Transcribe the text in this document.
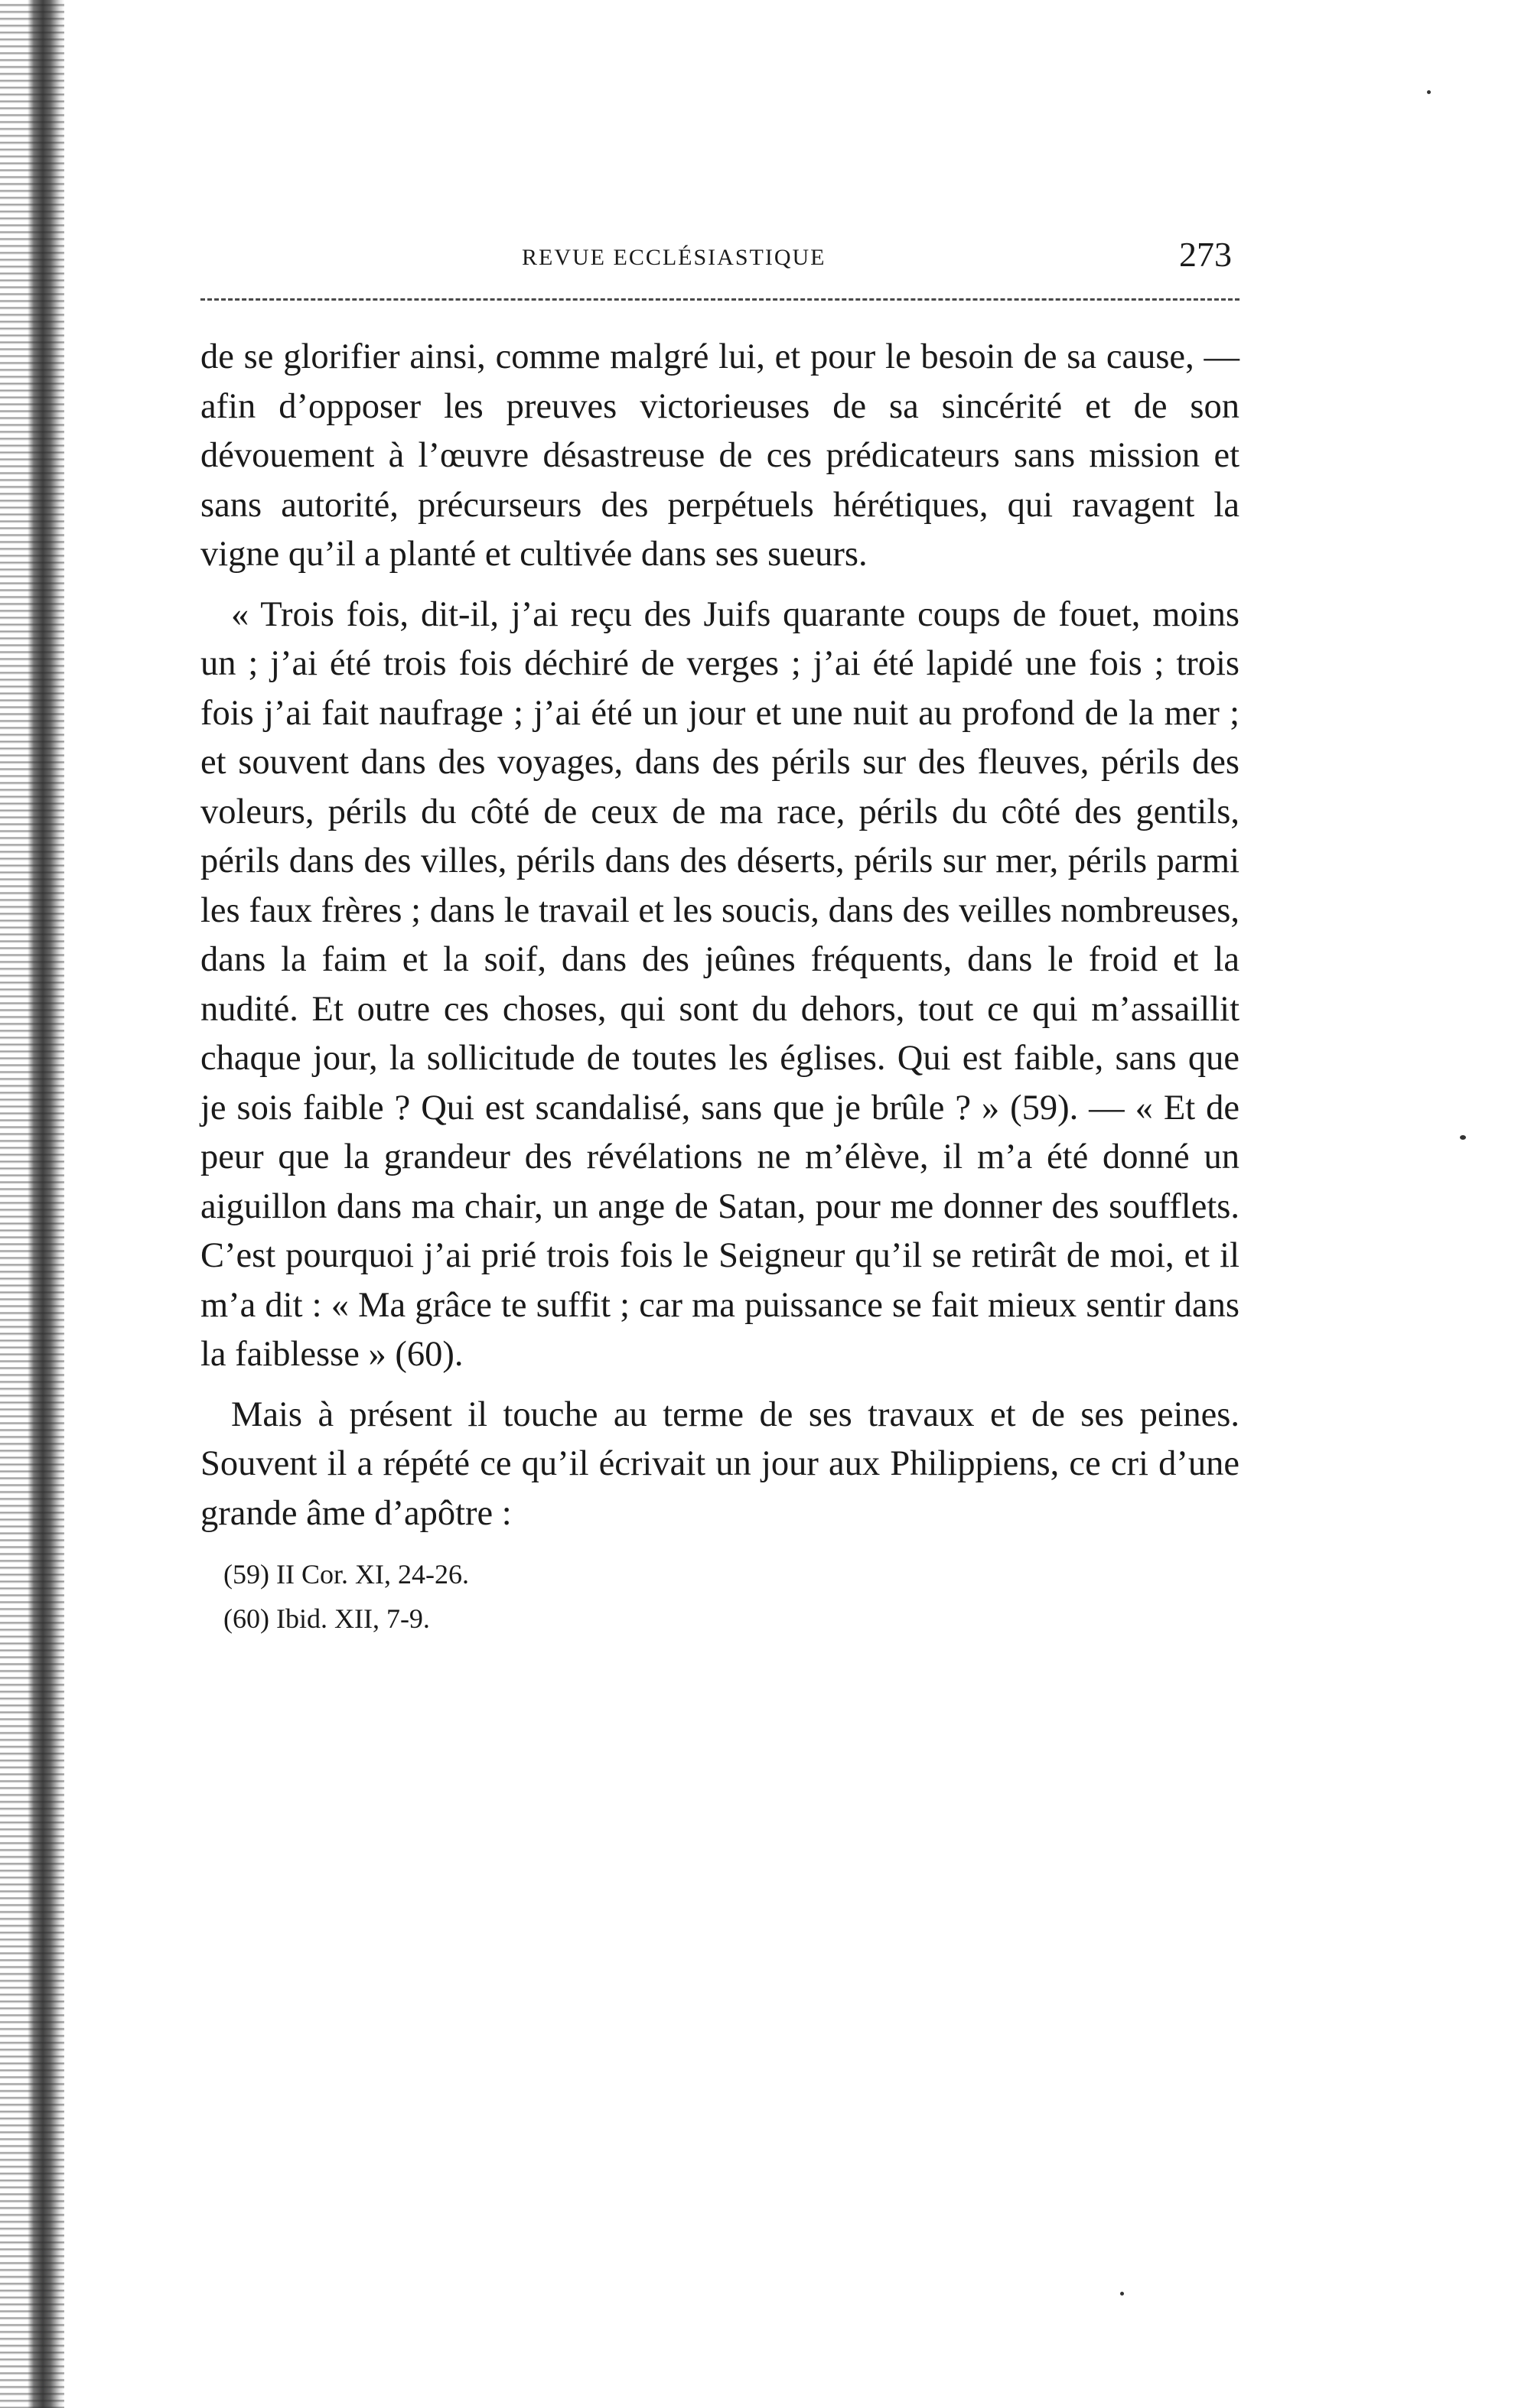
REVUE ECCLÉSIASTIQUE	273

de se glorifier ainsi, comme malgré lui, et pour le besoin de sa cause, — afin d’opposer les preuves victorieuses de sa sincérité et de son dévouement à l’œuvre désastreuse de ces prédicateurs sans mission et sans autorité, précurseurs des perpétuels hérétiques, qui ravagent la vigne qu’il a planté et cultivée dans ses sueurs.

« Trois fois, dit-il, j’ai reçu des Juifs quarante coups de fouet, moins un ; j’ai été trois fois déchiré de verges ; j’ai été lapidé une fois ; trois fois j’ai fait naufrage ; j’ai été un jour et une nuit au profond de la mer ; et souvent dans des voyages, dans des périls sur des fleuves, périls des voleurs, périls du côté de ceux de ma race, périls du côté des gentils, périls dans des villes, périls dans des déserts, périls sur mer, périls parmi les faux frères ; dans le travail et les soucis, dans des veilles nombreuses, dans la faim et la soif, dans des jeûnes fréquents, dans le froid et la nudité. Et outre ces choses, qui sont du dehors, tout ce qui m’assaillit chaque jour, la sollicitude de toutes les églises. Qui est faible, sans que je sois faible ? Qui est scandalisé, sans que je brûle ? » (59). — « Et de peur que la grandeur des révélations ne m’élève, il m’a été donné un aiguillon dans ma chair, un ange de Satan, pour me donner des soufflets. C’est pourquoi j’ai prié trois fois le Seigneur qu’il se retirât de moi, et il m’a dit : « Ma grâce te suffit ; car ma puissance se fait mieux sentir dans la faiblesse » (60).

Mais à présent il touche au terme de ses travaux et de ses peines. Souvent il a répété ce qu’il écrivait un jour aux Philippiens, ce cri d’une grande âme d’apôtre :

(59) II Cor. XI, 24-26.
(60) Ibid. XII, 7-9.
